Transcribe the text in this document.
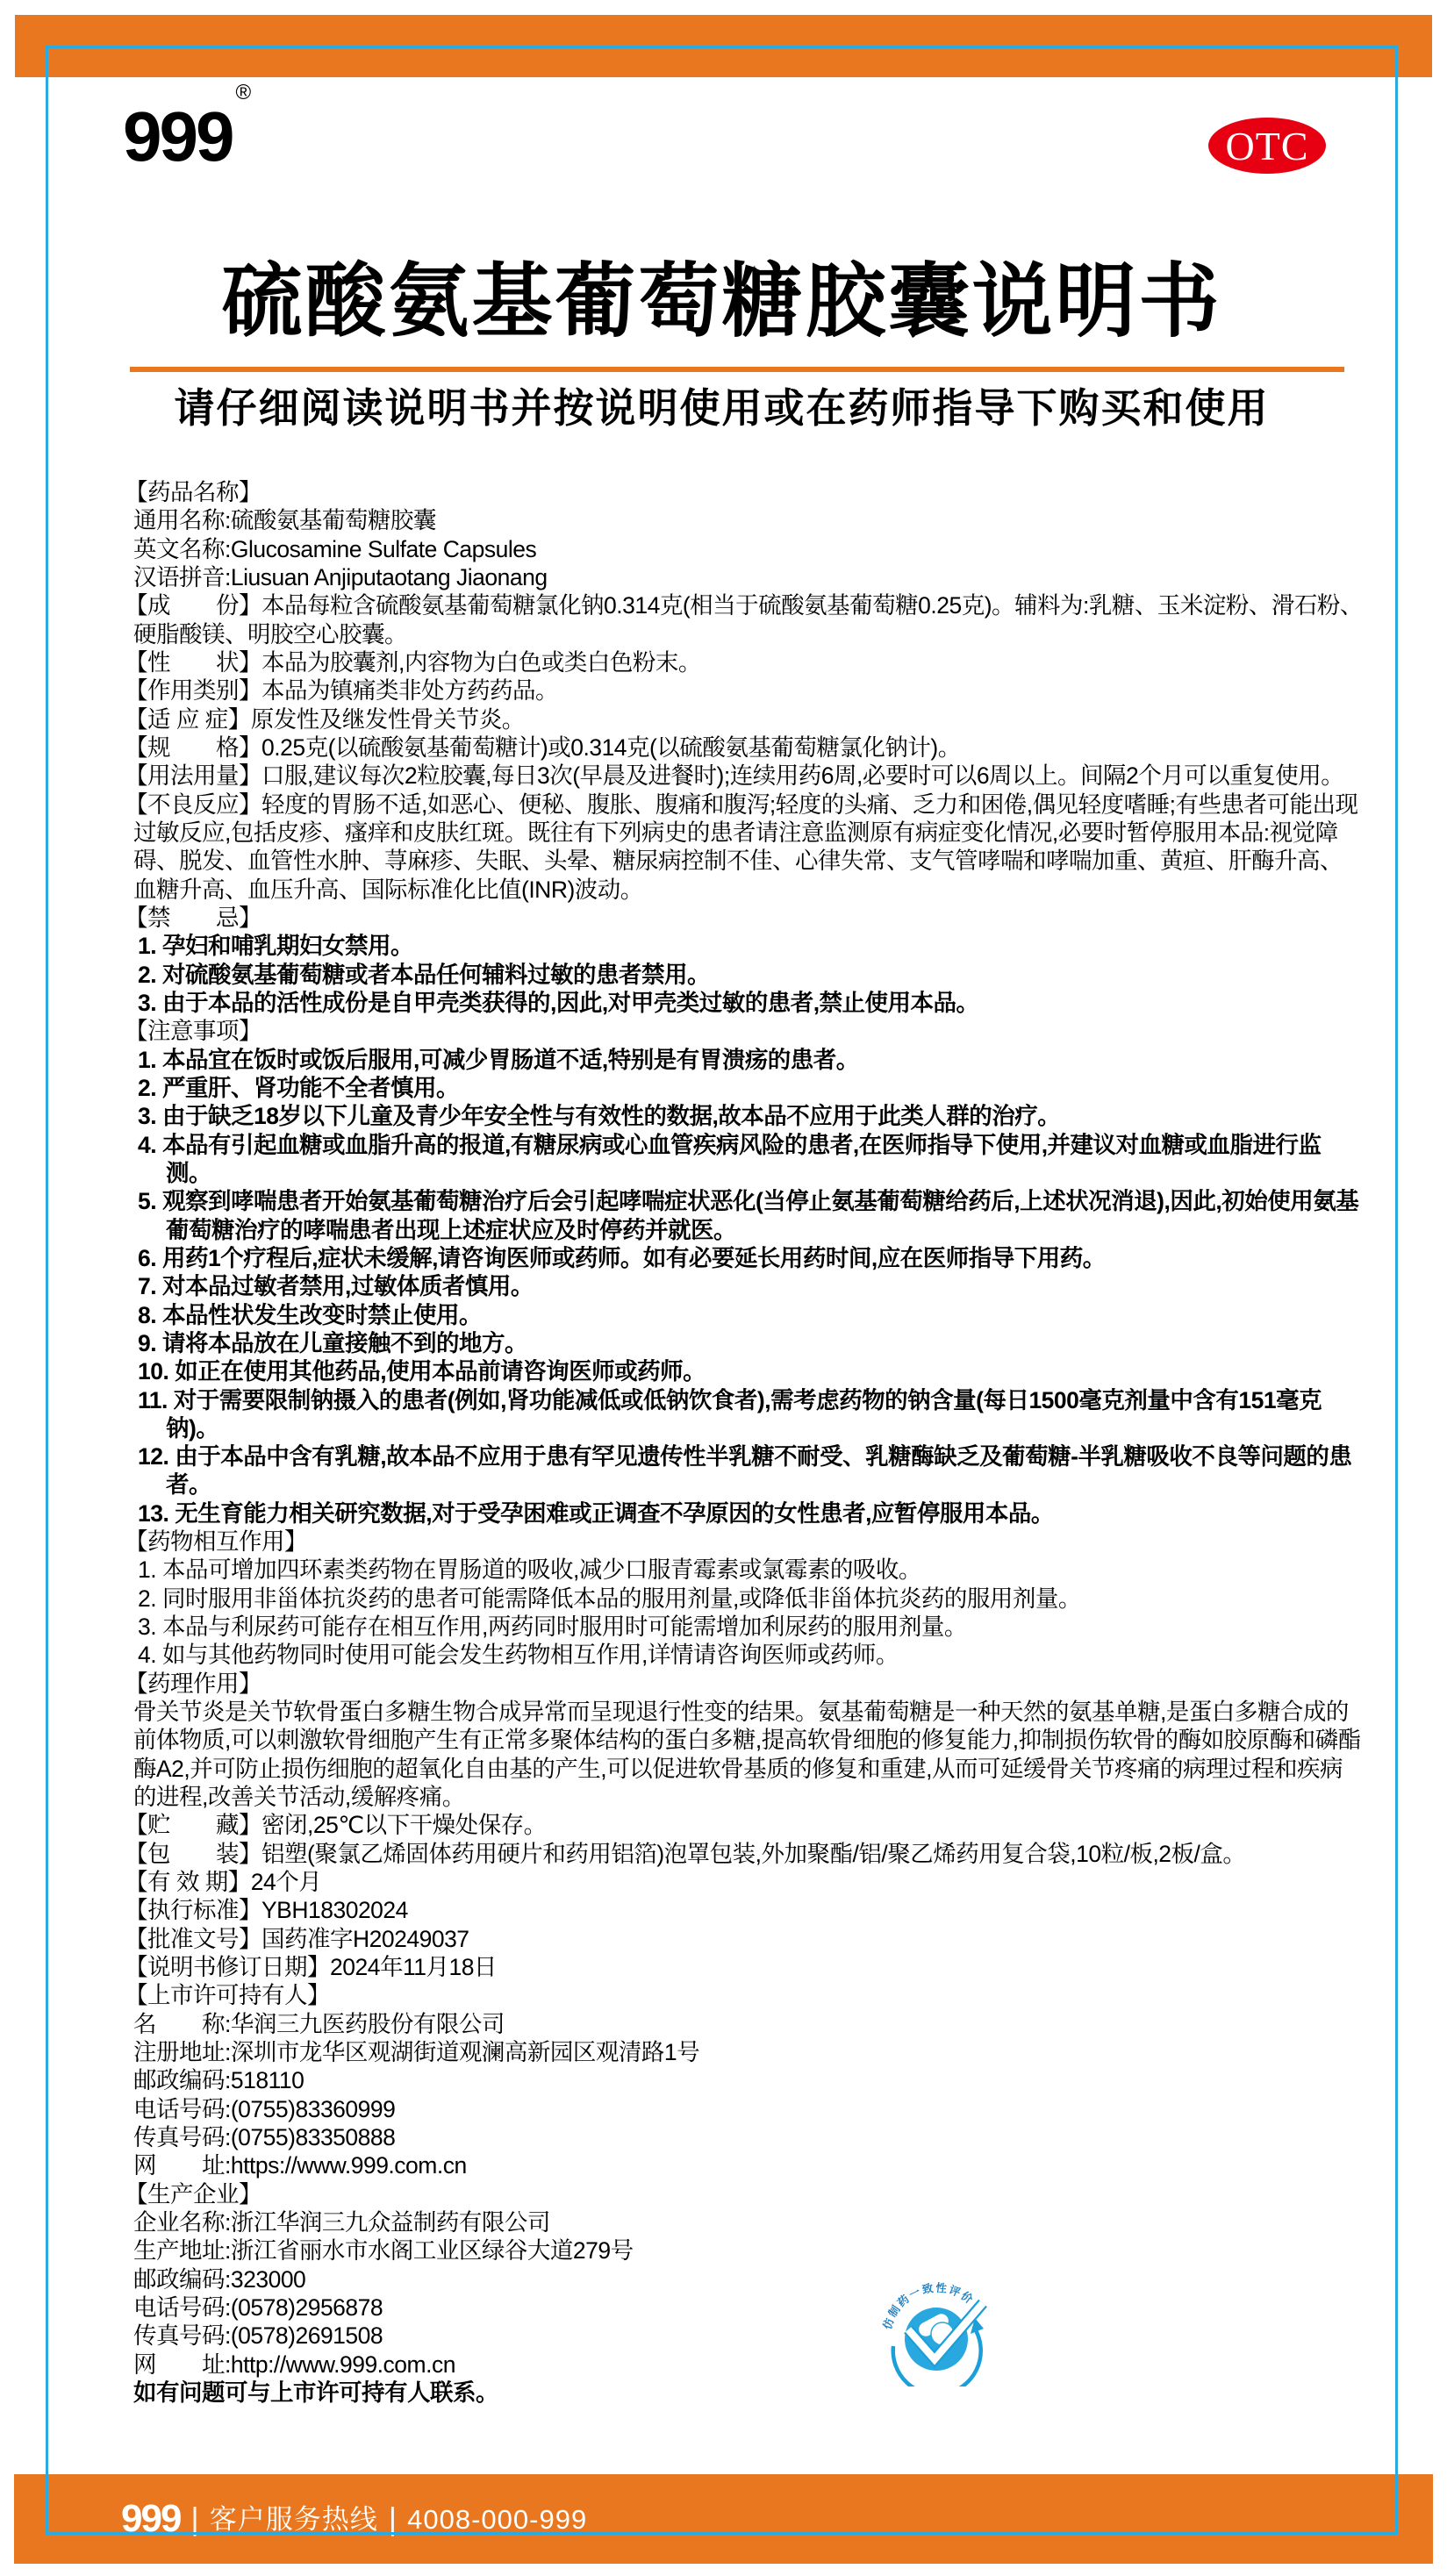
999®
OTC
硫酸氨基葡萄糖胶囊说明书
请仔细阅读说明书并按说明使用或在药师指导下购买和使用

【药品名称】

通用名称:硫酸氨基葡萄糖胶囊

英文名称:Glucosamine Sulfate Capsules

汉语拼音:Liusuan Anjiputaotang Jiaonang

【成　　份】本品每粒含硫酸氨基葡萄糖氯化钠0.314克(相当于硫酸氨基葡萄糖0.25克)。辅料为:乳糖、玉米淀粉、滑石粉、硬脂酸镁、明胶空心胶囊。

【性　　状】本品为胶囊剂,内容物为白色或类白色粉末。

【作用类别】本品为镇痛类非处方药药品。

【适 应 症】原发性及继发性骨关节炎。

【规　　格】0.25克(以硫酸氨基葡萄糖计)或0.314克(以硫酸氨基葡萄糖氯化钠计)。

【用法用量】口服,建议每次2粒胶囊,每日3次(早晨及进餐时);连续用药6周,必要时可以6周以上。间隔2个月可以重复使用。

【不良反应】轻度的胃肠不适,如恶心、便秘、腹胀、腹痛和腹泻;轻度的头痛、乏力和困倦,偶见轻度嗜睡;有些患者可能出现过敏反应,包括皮疹、瘙痒和皮肤红斑。既往有下列病史的患者请注意监测原有病症变化情况,必要时暂停服用本品:视觉障碍、脱发、血管性水肿、荨麻疹、失眠、头晕、糖尿病控制不佳、心律失常、支气管哮喘和哮喘加重、黄疸、肝酶升高、血糖升高、血压升高、国际标准化比值(INR)波动。

【禁　　忌】

1. 孕妇和哺乳期妇女禁用。

2. 对硫酸氨基葡萄糖或者本品任何辅料过敏的患者禁用。

3. 由于本品的活性成份是自甲壳类获得的,因此,对甲壳类过敏的患者,禁止使用本品。

【注意事项】

1. 本品宜在饭时或饭后服用,可减少胃肠道不适,特别是有胃溃疡的患者。

2. 严重肝、肾功能不全者慎用。

3. 由于缺乏18岁以下儿童及青少年安全性与有效性的数据,故本品不应用于此类人群的治疗。

4. 本品有引起血糖或血脂升高的报道,有糖尿病或心血管疾病风险的患者,在医师指导下使用,并建议对血糖或血脂进行监测。

5. 观察到哮喘患者开始氨基葡萄糖治疗后会引起哮喘症状恶化(当停止氨基葡萄糖给药后,上述状况消退),因此,初始使用氨基葡萄糖治疗的哮喘患者出现上述症状应及时停药并就医。

6. 用药1个疗程后,症状未缓解,请咨询医师或药师。如有必要延长用药时间,应在医师指导下用药。

7. 对本品过敏者禁用,过敏体质者慎用。

8. 本品性状发生改变时禁止使用。

9. 请将本品放在儿童接触不到的地方。

10. 如正在使用其他药品,使用本品前请咨询医师或药师。

11. 对于需要限制钠摄入的患者(例如,肾功能减低或低钠饮食者),需考虑药物的钠含量(每日1500毫克剂量中含有151毫克钠)。

12. 由于本品中含有乳糖,故本品不应用于患有罕见遗传性半乳糖不耐受、乳糖酶缺乏及葡萄糖-半乳糖吸收不良等问题的患者。

13. 无生育能力相关研究数据,对于受孕困难或正调查不孕原因的女性患者,应暂停服用本品。

【药物相互作用】

1. 本品可增加四环素类药物在胃肠道的吸收,减少口服青霉素或氯霉素的吸收。

2. 同时服用非甾体抗炎药的患者可能需降低本品的服用剂量,或降低非甾体抗炎药的服用剂量。

3. 本品与利尿药可能存在相互作用,两药同时服用时可能需增加利尿药的服用剂量。

4. 如与其他药物同时使用可能会发生药物相互作用,详情请咨询医师或药师。

【药理作用】

骨关节炎是关节软骨蛋白多糖生物合成异常而呈现退行性变的结果。氨基葡萄糖是一种天然的氨基单糖,是蛋白多糖合成的前体物质,可以刺激软骨细胞产生有正常多聚体结构的蛋白多糖,提高软骨细胞的修复能力,抑制损伤软骨的酶如胶原酶和磷酯酶A2,并可防止损伤细胞的超氧化自由基的产生,可以促进软骨基质的修复和重建,从而可延缓骨关节疼痛的病理过程和疾病的进程,改善关节活动,缓解疼痛。

【贮　　藏】密闭,25℃以下干燥处保存。

【包　　装】铝塑(聚氯乙烯固体药用硬片和药用铝箔)泡罩包装,外加聚酯/铝/聚乙烯药用复合袋,10粒/板,2板/盒。

【有 效 期】24个月

【执行标准】YBH18302024

【批准文号】国药准字H20249037

【说明书修订日期】2024年11月18日

【上市许可持有人】

名　　称:华润三九医药股份有限公司

注册地址:深圳市龙华区观湖街道观澜高新园区观清路1号

邮政编码:518110

电话号码:(0755)83360999

传真号码:(0755)83350888

网　　址:https://www.999.com.cn

【生产企业】

企业名称:浙江华润三九众益制药有限公司

生产地址:浙江省丽水市水阁工业区绿谷大道279号

邮政编码:323000

电话号码:(0578)2956878

传真号码:(0578)2691508

网　　址:http://www.999.com.cn

如有问题可与上市许可持有人联系。

仿制药一致性评价
999 | 客户服务热线 | 4008-000-999
